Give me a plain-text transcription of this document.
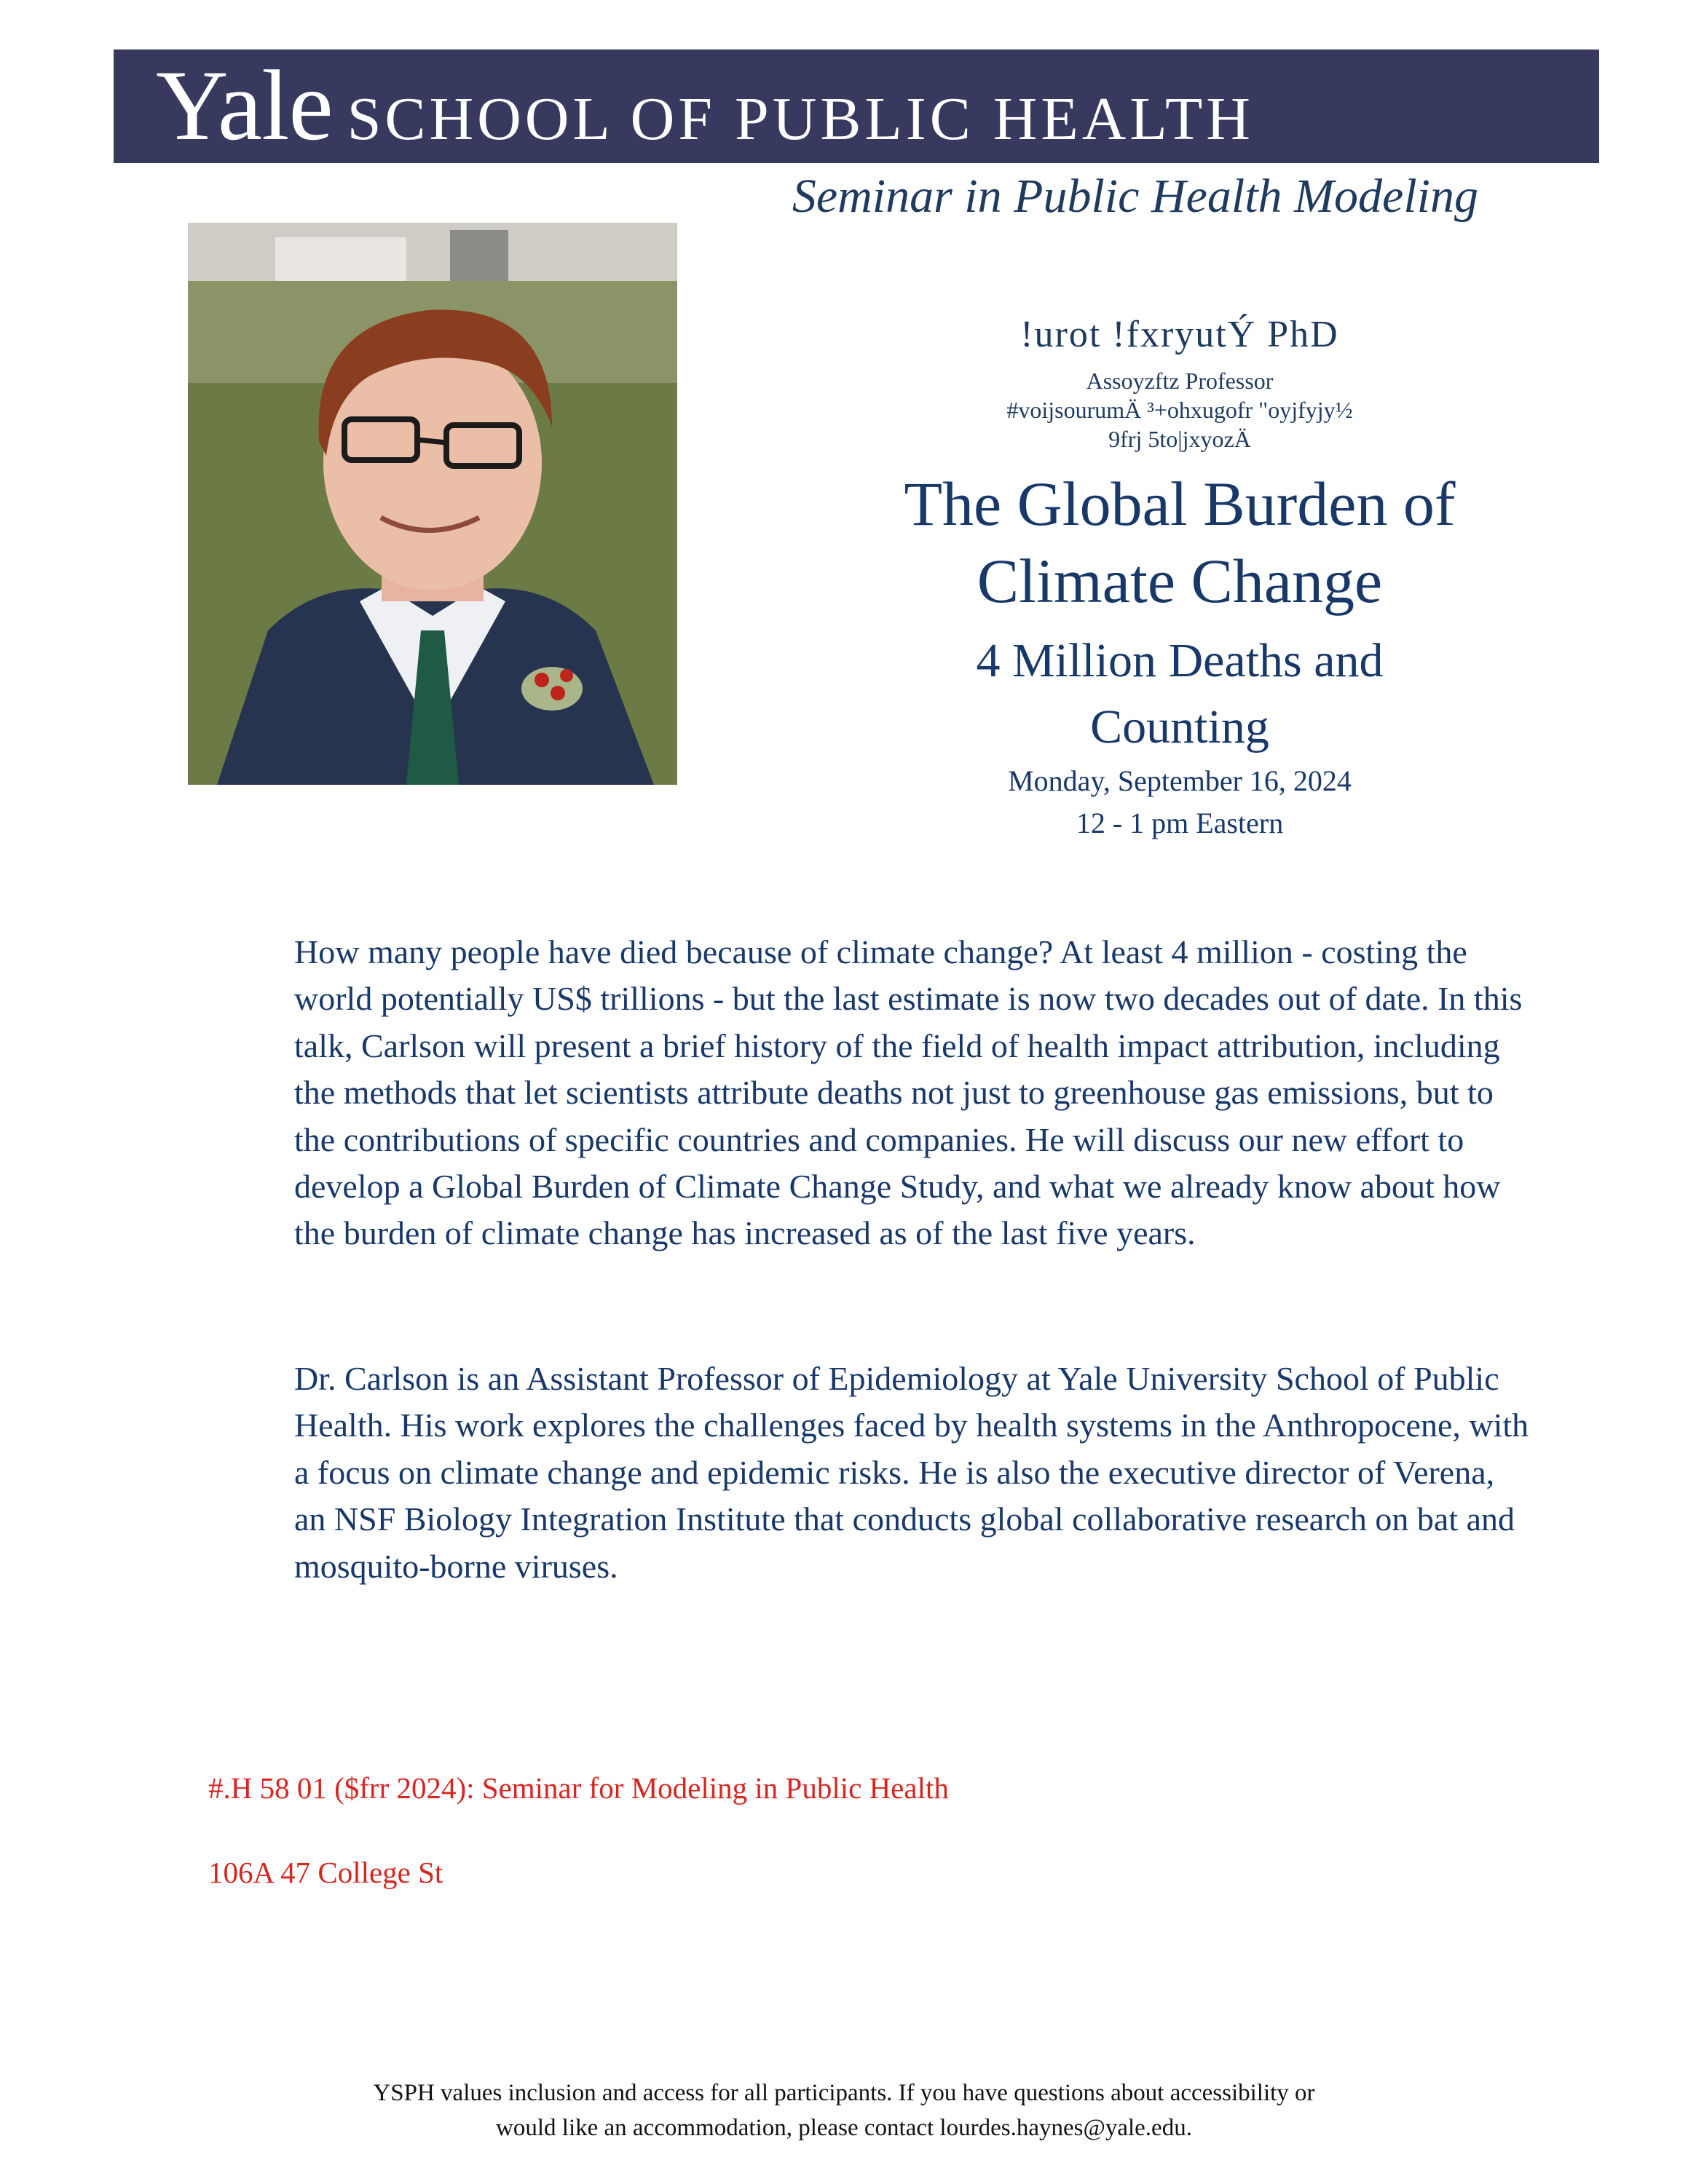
Yale SCHOOL OF PUBLIC HEALTH
Seminar in Public Health Modeling
!urot !fxryutÝ PhD
Assoyzftz Professor
#voijsourumÄ ³+ohxugofr "oyjfyjy½
9frj 5to|jxyozÄ
The Global Burden of
Climate Change
4 Million Deaths and
Counting
Monday, September 16, 2024
12 - 1 pm Eastern
How many people have died because of climate change? At least 4 million - costing the world potentially US$ trillions - but the last estimate is now two decades out of date. In this talk, Carlson will present a brief history of the field of health impact attribution, including the methods that let scientists attribute deaths not just to greenhouse gas emissions, but to the contributions of specific countries and companies. He will discuss our new effort to develop a Global Burden of Climate Change Study, and what we already know about how the burden of climate change has increased as of the last five years.
Dr. Carlson is an Assistant Professor of Epidemiology at Yale University School of Public Health. His work explores the challenges faced by health systems in the Anthropocene, with a focus on climate change and epidemic risks. He is also the executive director of Verena, an NSF Biology Integration Institute that conducts global collaborative research on bat and mosquito-borne viruses.
#.H 58 01 ($frr 2024): Seminar for Modeling in Public Health
106A 47 College St
YSPH values inclusion and access for all participants. If you have questions about accessibility or
would like an accommodation, please contact lourdes.haynes@yale.edu.
